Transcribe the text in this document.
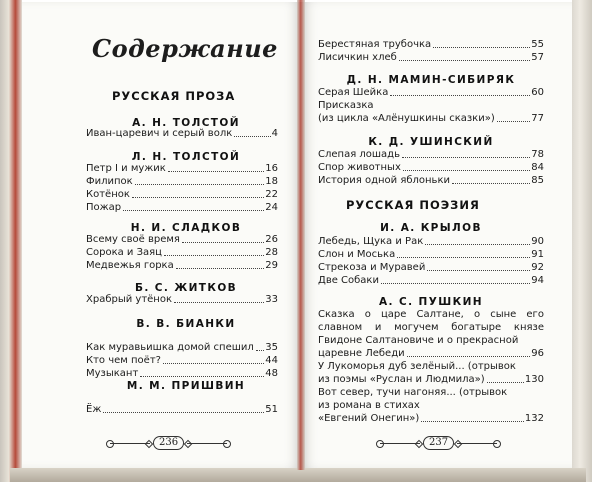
Содержание
РУССКАЯ ПРОЗА
А. Н. ТОЛСТОЙ
Иван-царевич и серый волк	4
Л. Н. ТОЛСТОЙ
Петр I и мужик	16
Филипок	18
Котёнок	22
Пожар	24
Н. И. СЛАДКОВ
Всему своё время	26
Сорока и Заяц	28
Медвежья горка	29
Б. С. ЖИТКОВ
Храбрый утёнок	33
В. В. БИАНКИ
Как муравьишка домой спешил 35
Кто чем поёт?	44
Музыкант	48
М. М. ПРИШВИН
Ёж	51
236
Берестяная трубочка	55
Лисичкин хлеб	57
Д. Н. МАМИН-СИБИРЯК
Серая Шейка	60
Присказка
(из цикла «Алёнушкины сказки»)	77
К. Д. УШИНСКИЙ
Слепая лошадь	78
Спор животных	84
История одной яблоньки	85
РУССКАЯ ПОЭЗИЯ
И. А. КРЫЛОВ
Лебедь, Щука и Рак	90
Слон и Моська	91
Стрекоза и Муравей	92
Две Собаки	94
А. С. ПУШКИН
Сказка о царе Салтане, о сыне его
славном и могучем богатыре князе
Гвидоне Салтановиче и о прекрасной
царевне Лебеди	96
У Лукоморья дуб зелёный... (отрывок
из поэмы «Руслан и Людмила»)	130
Вот север, тучи нагоняя... (отрывок
из романа в стихах
«Евгений Онегин»)	132
237
